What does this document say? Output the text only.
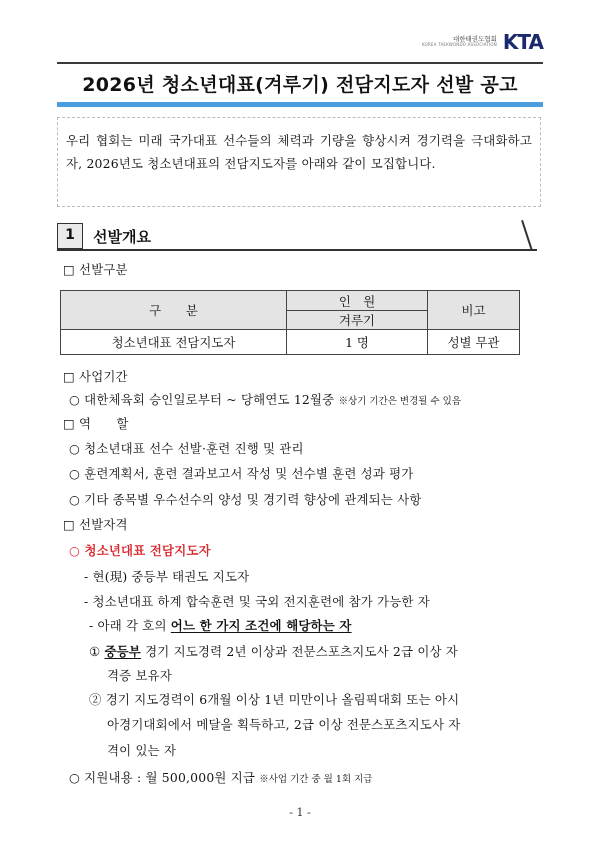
대한태권도협회
KOREA TAEKWONDO ASSOCIATION KTA
2026년 청소년대표(겨루기) 전담지도자 선발 공고
우리 협회는 미래 국가대표 선수들의 체력과 기량을 향상시켜 경기력을 극대화하고자, 2026년도 청소년대표의 전담지도자를 아래와 같이 모집합니다.
1	선발개요
□ 선발구분
구　　분	인　원	비고
	겨루기	
청소년대표 전담지도자	1 명	성별 무관
□ 사업기간
○ 대한체육회 승인일로부터 ~ 당해연도 12월중 ※상기 기간은 변경될 수 있음
□ 역　　할
○ 청소년대표 선수 선발·훈련 진행 및 관리
○ 훈련계획서, 훈련 결과보고서 작성 및 선수별 훈련 성과 평가
○ 기타 종목별 우수선수의 양성 및 경기력 향상에 관계되는 사항
□ 선발자격
○ 청소년대표 전담지도자
- 현(現) 중등부 태권도 지도자
- 청소년대표 하계 합숙훈련 및 국외 전지훈련에 참가 가능한 자
- 아래 각 호의 어느 한 가지 조건에 해당하는 자
① 중등부 경기 지도경력 2년 이상과 전문스포츠지도사 2급 이상 자
격증 보유자
② 경기 지도경력이 6개월 이상 1년 미만이나 올림픽대회 또는 아시
아경기대회에서 메달을 획득하고, 2급 이상 전문스포츠지도사 자
격이 있는 자
○ 지원내용 : 월 500,000원 지급 ※사업 기간 중 월 1회 지급
- 1 -
